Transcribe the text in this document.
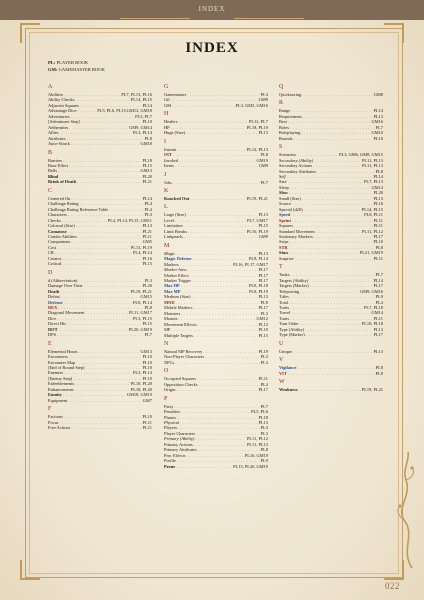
INDEX
INDEX
PL: PLAYER BOOK
GM: GAMEMASTER BOOK
A
Abilities . . .	PL7, PL13, PL16
Ability Checks . . .	PL14, PL15
Adjacent Squares . . .	PL14
Advantage Dice . . .	PL5, PL6, PL15,GM12, GM18
Adventurers . . .	PL3, PL7
[Adventurer Step] . . .	PL10
Aethernites . . .	GM9, GM14
Allies . . .	PL3, PL14
Attributes . . .	PL8
Auto-Attack . . .	GM18
B
Barriers . . .	PL18
Base Effect . . .	PL15
Bells . . .	GM13
Blind . . .	PL20
Brink of Death . . .	PL21
C
Centered On . . .	PL14
Challenge Rating . . .	PL4
Challenge Rating Reference Table . . .	PL4
Characters . . .	PL3
Checks . . .	PL4, PL14, PL15, GM11
Colossal (Size) . . .	PL13
Comatose . . .	PL21
Combo Abilities . . .	PL11
Companions . . .	GM5
Cost . . .	PL13, PL19
CR . . .	PL4, PL14
Creator . . .	PL16
Critical . . .	PL15
D
d (Abbreviation) . . .	PL3
Damage Over Time . . .	PL20
Death . . .	PL19, PL21
Defeat . . .	GM15
Defense . . .	PL8, PL14
DEX . . .	PL8
Diagonal Movement . . .	PL11, GM17
Dice . . .	PL3, PL15
Direct Hit . . .	PL15
DOT . . .	PL20, GM19
DPS . . .	PL7
E
Elemental Hours . . .	GM13
Encounters . . .	PL10
Encounter Map . . .	PL10
[End of Round Step] . . .	PL10
Enemies . . .	PL3, PL14
[Enemy Step] . . .	PL10
Enfeeblements . . .	PL18, PL20
Enhancements . . .	PL18, PL20
Enmity . . .	GM18, GM19
Equipment . . .	GM7
F
Factions . . .	PL10
Focus . . .	PL11
Free Actions . . .	PL11
G
Gamemaster . . .	PL3
Gil . . .	GM9
GM . . .	PL3, GM3, GM16
H
Healers . . .	PL12, PL7
HP . . .	PL18, PL19
Huge (Size) . . .	PL13
I
Instant . . .	PL12, PL13
INT . . .	PL8
Invoked . . .	GM19
Items . . .	GM9
J
Jobs . . .	PL7
K
Knocked Out . . .	PL19, PL21
L
Large (Size) . . .	PL13
Level . . .	PL7, GM17
Limitation . . .	PL15
Limit Breaks . . .	PL16, PL19
Linkpearls . . .	GM9
M
Magic . . .	PL13
Magic Defense . . .	PL8, PL14
Markers . . .	PL16, PL17, GM17
Marker Area . . .	PL17
Marker Effect . . .	PL17
Marker Trigger . . .	PL17
Max HP . . .	PL8, PL18
Max MP . . .	PL8, PL19
Medium (Size) . . .	PL13
MND . . .	PL8
Mobile Markers . . .	PL17
Monsters . . .	PL3
Mounts . . .	GM12
Movement Effects . . .	PL12
MP . . .	PL19
Multiple Targets . . .	PL15
N
Natural MP Recovery . . .	PL19
Non-Player Characters . . .	PL3
NPCs . . .	PL3
O
Occupied Squares . . .	PL11
Opposition Checks . . .	PL4
Origin . . .	PL17
P
Party . . .	PL7
Penalties . . .	PL5, PL6
Phases . . .	PL18
Physical . . .	PL13
Players . . .	PL3
Player Characters . . .	PL3
Primary (Ability) . . .	PL11, PL12
Primary Actions . . .	PL11, PL13
Primary Attributes . . .	PL8
Proc Effects . . .	PL16, GM19
Profile . . .	PL9
Prone . . .	PL13, PL20, GM19
Q
Quicksaving . . .	GM8
R
Range . . .	PL14
Requirement . . .	PL13
Rest . . .	GM16
Roles . . .	PL7
Roleplaying . . .	GM10
Rounds . . .	PL10
S
Scenarios . . .	PL3, GM6, GM8, GM15
Secondary (Ability) . . .	PL11, PL13
Secondary Actions . . .	PL11, PL13
Secondary Attributes . . .	PL8
Self . . .	PL14
Size . . .	PL7, PL13
Sleep . . .	GM14
Slow . . .	PL20
Small (Size) . . .	PL13
Source . . .	PL16
Special (d20) . . .	PL14, PL15
Speed . . .	PL8, PL11
Sprint . . .	PL11
Squares . . .	PL11
Standard Movement . . .	PL11, PL12
Stationary Markers . . .	PL17
Steps . . .	PL10
STR . . .	PL8
Stun . . .	PL21, GM19
Surprise . . .	PL11
T
Tanks . . .	PL7
Targets (Ability) . . .	PL14
Targets (Marker) . . .	PL17
Teleporting . . .	GM9, GM16
Titles . . .	PL9
Total . . .	PL4
Traits . . .	PL7, PL18
Travel . . .	GM14
Turns . . .	PL11
Turn Order . . .	PL10, PL18
Type (Ability) . . .	PL13
Type (Marker) . . .	PL17
U
Unique . . .	PL13
V
Vigilance . . .	PL8
VIT . . .	PL8
W
Weakness . . .	PL19, PL21
022
